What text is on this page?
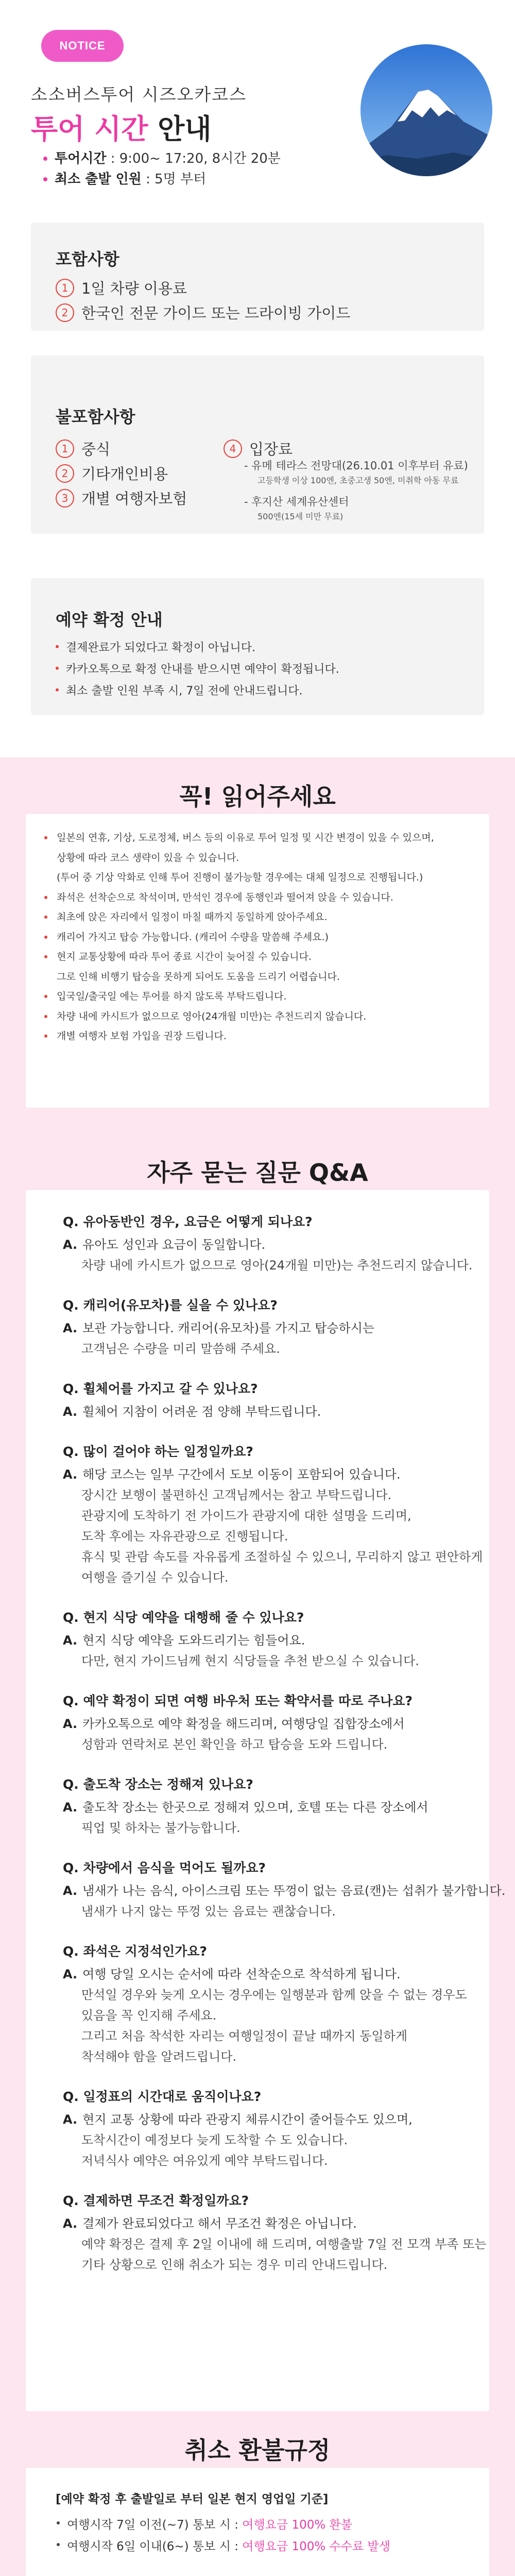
NOTICE
소소버스투어 시즈오카코스
투어 시간 안내
투어시간 : 9:00~ 17:20, 8시간 20분
최소 출발 인원 : 5명 부터
포함사항
1 1일 차량 이용료
2 한국인 전문 가이드 또는 드라이빙 가이드
불포함사항
1 중식
2 기타개인비용
3 개별 여행자보험
4 입장료
- 유메 테라스 전망대(26.10.01 이후부터 유료)
고등학생 이상 100엔, 초중고생 50엔, 미취학 아동 무료
- 후지산 세계유산센터
500엔(15세 미만 무료)
예약 확정 안내
결제완료가 되었다고 확정이 아닙니다.
카카오톡으로 확정 안내를 받으시면 예약이 확정됩니다.
최소 출발 인원 부족 시, 7일 전에 안내드립니다.
꼭! 읽어주세요
일본의 연휴, 기상, 도로정체, 버스 등의 이유로 투어 일정 및 시간 변경이 있을 수 있으며,
상황에 따라 코스 생략이 있을 수 있습니다.
(투어 중 기상 악화로 인해 투어 진행이 불가능할 경우에는 대체 일정으로 진행됩니다.)
좌석은 선착순으로 착석이며, 만석인 경우에 동행인과 떨어져 앉을 수 있습니다.
최초에 앉은 자리에서 일정이 마칠 때까지 동일하게 앉아주세요.
캐리어 가지고 탑승 가능합니다. (캐리어 수량을 말씀해 주세요.)
현지 교통상황에 따라 투어 종료 시간이 늦어질 수 있습니다.
그로 인해 비행기 탑승을 못하게 되어도 도움을 드리기 어렵습니다.
입국일/출국일 에는 투어를 하지 않도록 부탁드립니다.
차량 내에 카시트가 없으므로 영아(24개월 미만)는 추천드리지 않습니다.
개별 여행자 보험 가입을 권장 드립니다.
자주 묻는 질문 Q&A
Q. 유아동반인 경우, 요금은 어떻게 되나요?
A. 유아도 성인과 요금이 동일합니다.
차량 내에 카시트가 없으므로 영아(24개월 미만)는 추천드리지 않습니다.
Q. 캐리어(유모차)를 실을 수 있나요?
A. 보관 가능합니다. 캐리어(유모차)를 가지고 탑승하시는
고객님은 수량을 미리 말씀해 주세요.
Q. 휠체어를 가지고 갈 수 있나요?
A. 휠체어 지참이 어려운 점 양해 부탁드립니다.
Q. 많이 걸어야 하는 일정일까요?
A. 해당 코스는 일부 구간에서 도보 이동이 포함되어 있습니다.
장시간 보행이 불편하신 고객님께서는 참고 부탁드립니다.
관광지에 도착하기 전 가이드가 관광지에 대한 설명을 드리며,
도착 후에는 자유관광으로 진행됩니다.
휴식 및 관람 속도를 자유롭게 조절하실 수 있으니, 무리하지 않고 편안하게
여행을 즐기실 수 있습니다.
Q. 현지 식당 예약을 대행해 줄 수 있나요?
A. 현지 식당 예약을 도와드리기는 힘들어요.
다만, 현지 가이드님께 현지 식당들을 추천 받으실 수 있습니다.
Q. 예약 확정이 되면 여행 바우처 또는 확약서를 따로 주나요?
A. 카카오톡으로 예약 확정을 해드리며, 여행당일 집합장소에서
성함과 연락처로 본인 확인을 하고 탑승을 도와 드립니다.
Q. 출도착 장소는 정해져 있나요?
A. 출도착 장소는 한곳으로 정해져 있으며, 호텔 또는 다른 장소에서
픽업 및 하차는 불가능합니다.
Q. 차량에서 음식을 먹어도 될까요?
A. 냄새가 나는 음식, 아이스크림 또는 뚜껑이 없는 음료(캔)는 섭취가 불가합니다.
냄새가 나지 않는 뚜껑 있는 음료는 괜찮습니다.
Q. 좌석은 지정석인가요?
A. 여행 당일 오시는 순서에 따라 선착순으로 착석하게 됩니다.
만석일 경우와 늦게 오시는 경우에는 일행분과 함께 앉을 수 없는 경우도
있음을 꼭 인지해 주세요.
그리고 처음 착석한 자리는 여행일정이 끝날 때까지 동일하게
착석해야 함을 알려드립니다.
Q. 일정표의 시간대로 움직이나요?
A. 현지 교통 상황에 따라 관광지 체류시간이 줄어들수도 있으며,
도착시간이 예정보다 늦게 도착할 수 도 있습니다.
저녁식사 예약은 여유있게 예약 부탁드립니다.
Q. 결제하면 무조건 확정일까요?
A. 결제가 완료되었다고 해서 무조건 확정은 아닙니다.
예약 확정은 결제 후 2일 이내에 해 드리며, 여행출발 7일 전 모객 부족 또는
기타 상황으로 인해 취소가 되는 경우 미리 안내드립니다.
취소 환불규정
[예약 확정 후 출발일로 부터 일본 현지 영업일 기준]
여행시작 7일 이전(~7) 통보 시 : 여행요금 100% 환불
여행시작 6일 이내(6~) 통보 시 : 여행요금 100% 수수료 발생
